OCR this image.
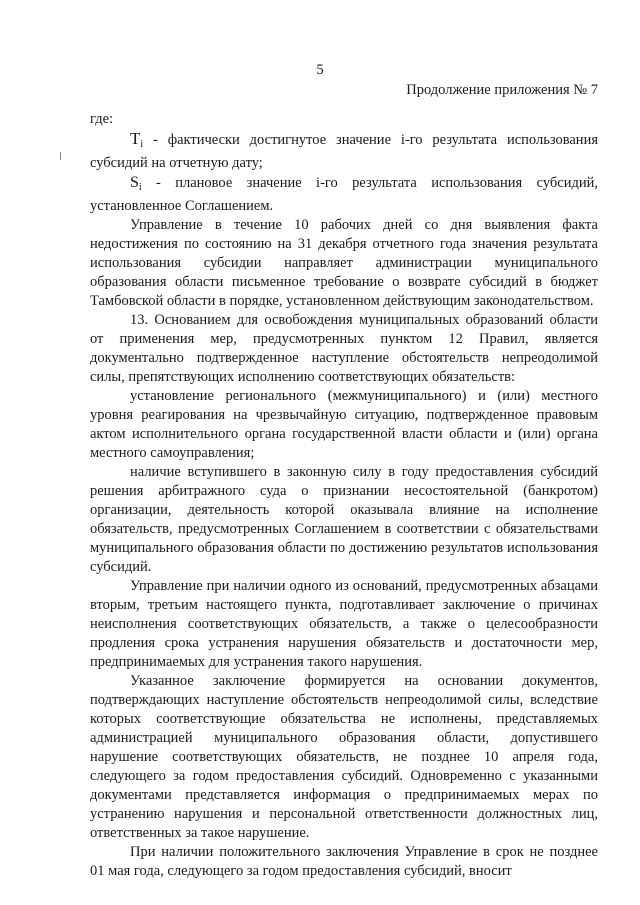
5
Продолжение приложения № 7

где:

$T_i$ - фактически достигнутое значение i-го результата использования субсидий на отчетную дату;

$S_i$ - плановое значение i-го результата использования субсидий, установленное Соглашением.

Управление в течение 10 рабочих дней со дня выявления факта недостижения по состоянию на 31 декабря отчетного года значения результата использования субсидии направляет администрации муниципального образования области письменное требование о возврате субсидий в бюджет Тамбовской области в порядке, установленном действующим законодательством.

13. Основанием для освобождения муниципальных образований области от применения мер, предусмотренных пунктом 12 Правил, является документально подтвержденное наступление обстоятельств непреодолимой силы, препятствующих исполнению соответствующих обязательств:

установление регионального (межмуниципального) и (или) местного уровня реагирования на чрезвычайную ситуацию, подтвержденное правовым актом исполнительного органа государственной власти области и (или) органа местного самоуправления;

наличие вступившего в законную силу в году предоставления субсидий решения арбитражного суда о признании несостоятельной (банкротом) организации, деятельность которой оказывала влияние на исполнение обязательств, предусмотренных Соглашением в соответствии с обязательствами муниципального образования области по достижению результатов использования субсидий.

Управление при наличии одного из оснований, предусмотренных абзацами вторым, третьим настоящего пункта, подготавливает заключение о причинах неисполнения соответствующих обязательств, а также о целесообразности продления срока устранения нарушения обязательств и достаточности мер, предпринимаемых для устранения такого нарушения.

Указанное заключение формируется на основании документов, подтверждающих наступление обстоятельств непреодолимой силы, вследствие которых соответствующие обязательства не исполнены, представляемых администрацией муниципального образования области, допустившего нарушение соответствующих обязательств, не позднее 10 апреля года, следующего за годом предоставления субсидий. Одновременно с указанными документами представляется информация о предпринимаемых мерах по устранению нарушения и персональной ответственности должностных лиц, ответственных за такое нарушение.

При наличии положительного заключения Управление в срок не позднее 01 мая года, следующего за годом предоставления субсидий, вносит
